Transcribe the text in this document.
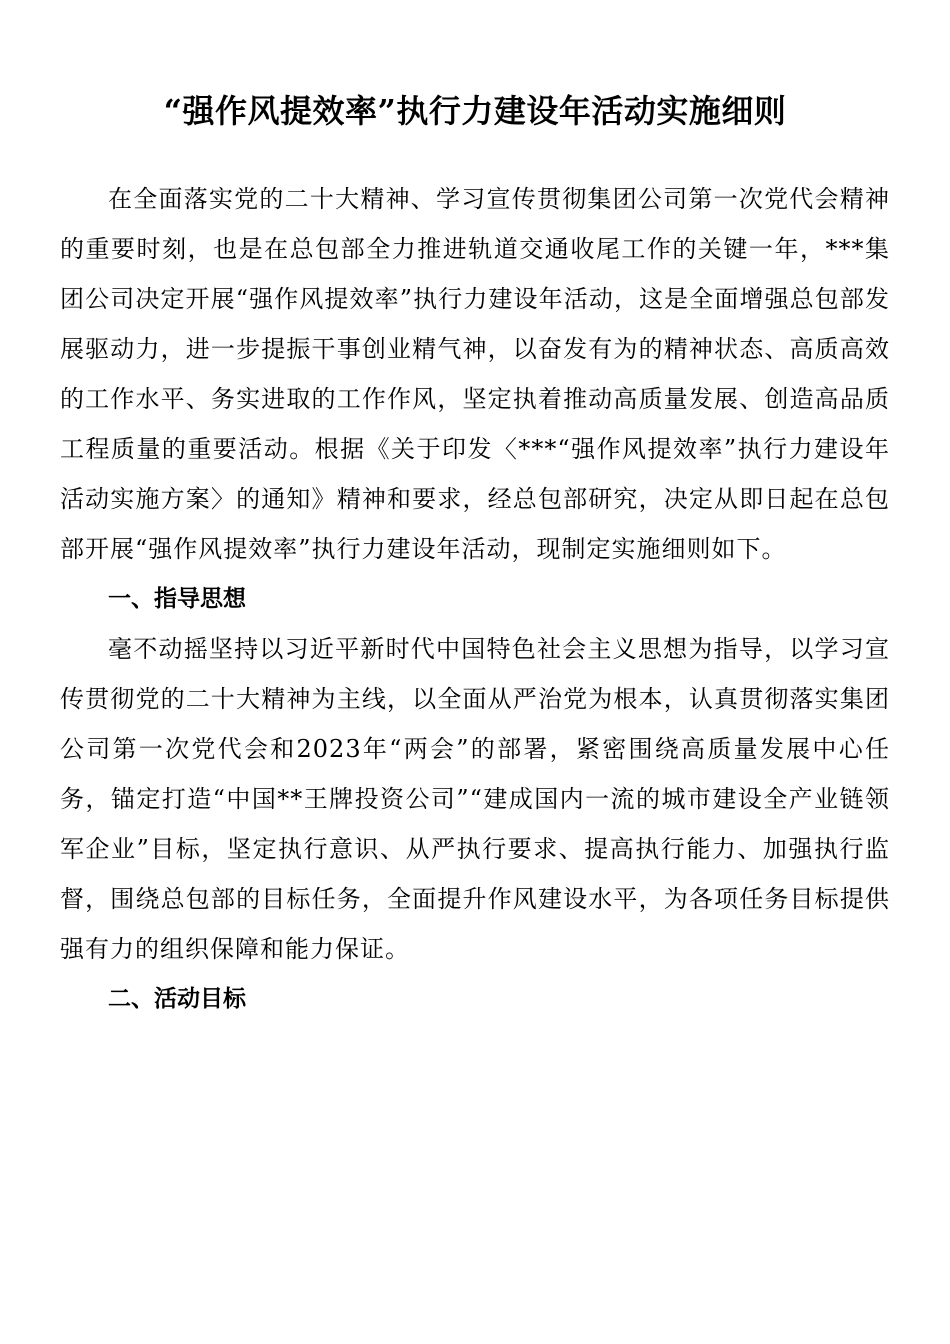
“强作风提效率”执行力建设年活动实施细则

在全面落实党的二十大精神、学习宣传贯彻集团公司第一次党代会精神的重要时刻，也是在总包部全力推进轨道交通收尾工作的关键一年，***集团公司决定开展“强作风提效率”执行力建设年活动，这是全面增强总包部发展驱动力，进一步提振干事创业精气神，以奋发有为的精神状态、高质高效的工作水平、务实进取的工作作风，坚定执着推动高质量发展、创造高品质工程质量的重要活动。根据《关于印发〈***“强作风提效率”执行力建设年活动实施方案〉的通知》精神和要求，经总包部研究，决定从即日起在总包部开展“强作风提效率”执行力建设年活动，现制定实施细则如下。

一、指导思想

毫不动摇坚持以习近平新时代中国特色社会主义思想为指导，以学习宣传贯彻党的二十大精神为主线，以全面从严治党为根本，认真贯彻落实集团公司第一次党代会和2023年“两会”的部署，紧密围绕高质量发展中心任务，锚定打造“中国**王牌投资公司”“建成国内一流的城市建设全产业链领军企业”目标，坚定执行意识、从严执行要求、提高执行能力、加强执行监督，围绕总包部的目标任务，全面提升作风建设水平，为各项任务目标提供强有力的组织保障和能力保证。

二、活动目标
